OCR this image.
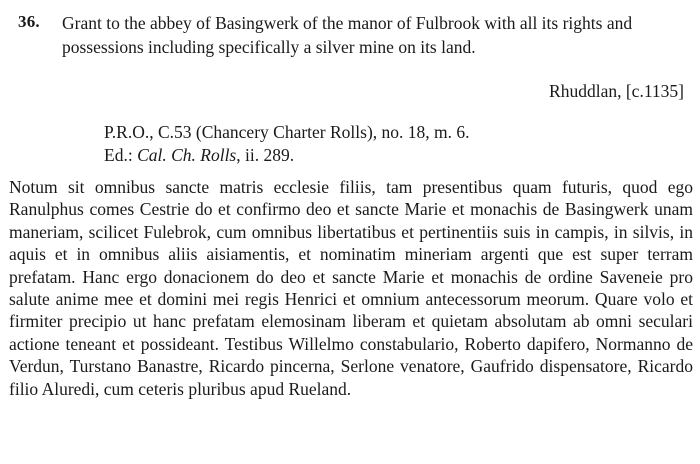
36. Grant to the abbey of Basingwerk of the manor of Fulbrook with all its rights and possessions including specifically a silver mine on its land.

Rhuddlan, [c.1135]

P.R.O., C.53 (Chancery Charter Rolls), no. 18, m. 6.

Ed.: Cal. Ch. Rolls, ii. 289.

Notum sit omnibus sancte matris ecclesie filiis, tam presentibus quam futuris, quod ego Ranulphus comes Cestrie do et confirmo deo et sancte Marie et monachis de Basingwerk unam maneriam, scilicet Fulebrok, cum omnibus libertatibus et pertinentiis suis in campis, in silvis, in aquis et in omnibus aliis aisiamentis, et nominatim mineriam argenti que est super terram prefatam. Hanc ergo donacionem do deo et sancte Marie et monachis de ordine Saveneie pro salute anime mee et domini mei regis Henrici et omnium antecessorum meorum. Quare volo et firmiter precipio ut hanc prefatam elemosinam liberam et quietam absolutam ab omni seculari actione teneant et possideant. Testibus Willelmo constabulario, Roberto dapifero, Normanno de Verdun, Turstano Banastre, Ricardo pincerna, Serlone venatore, Gaufrido dispensatore, Ricardo filio Aluredi, cum ceteris pluribus apud Rueland.
